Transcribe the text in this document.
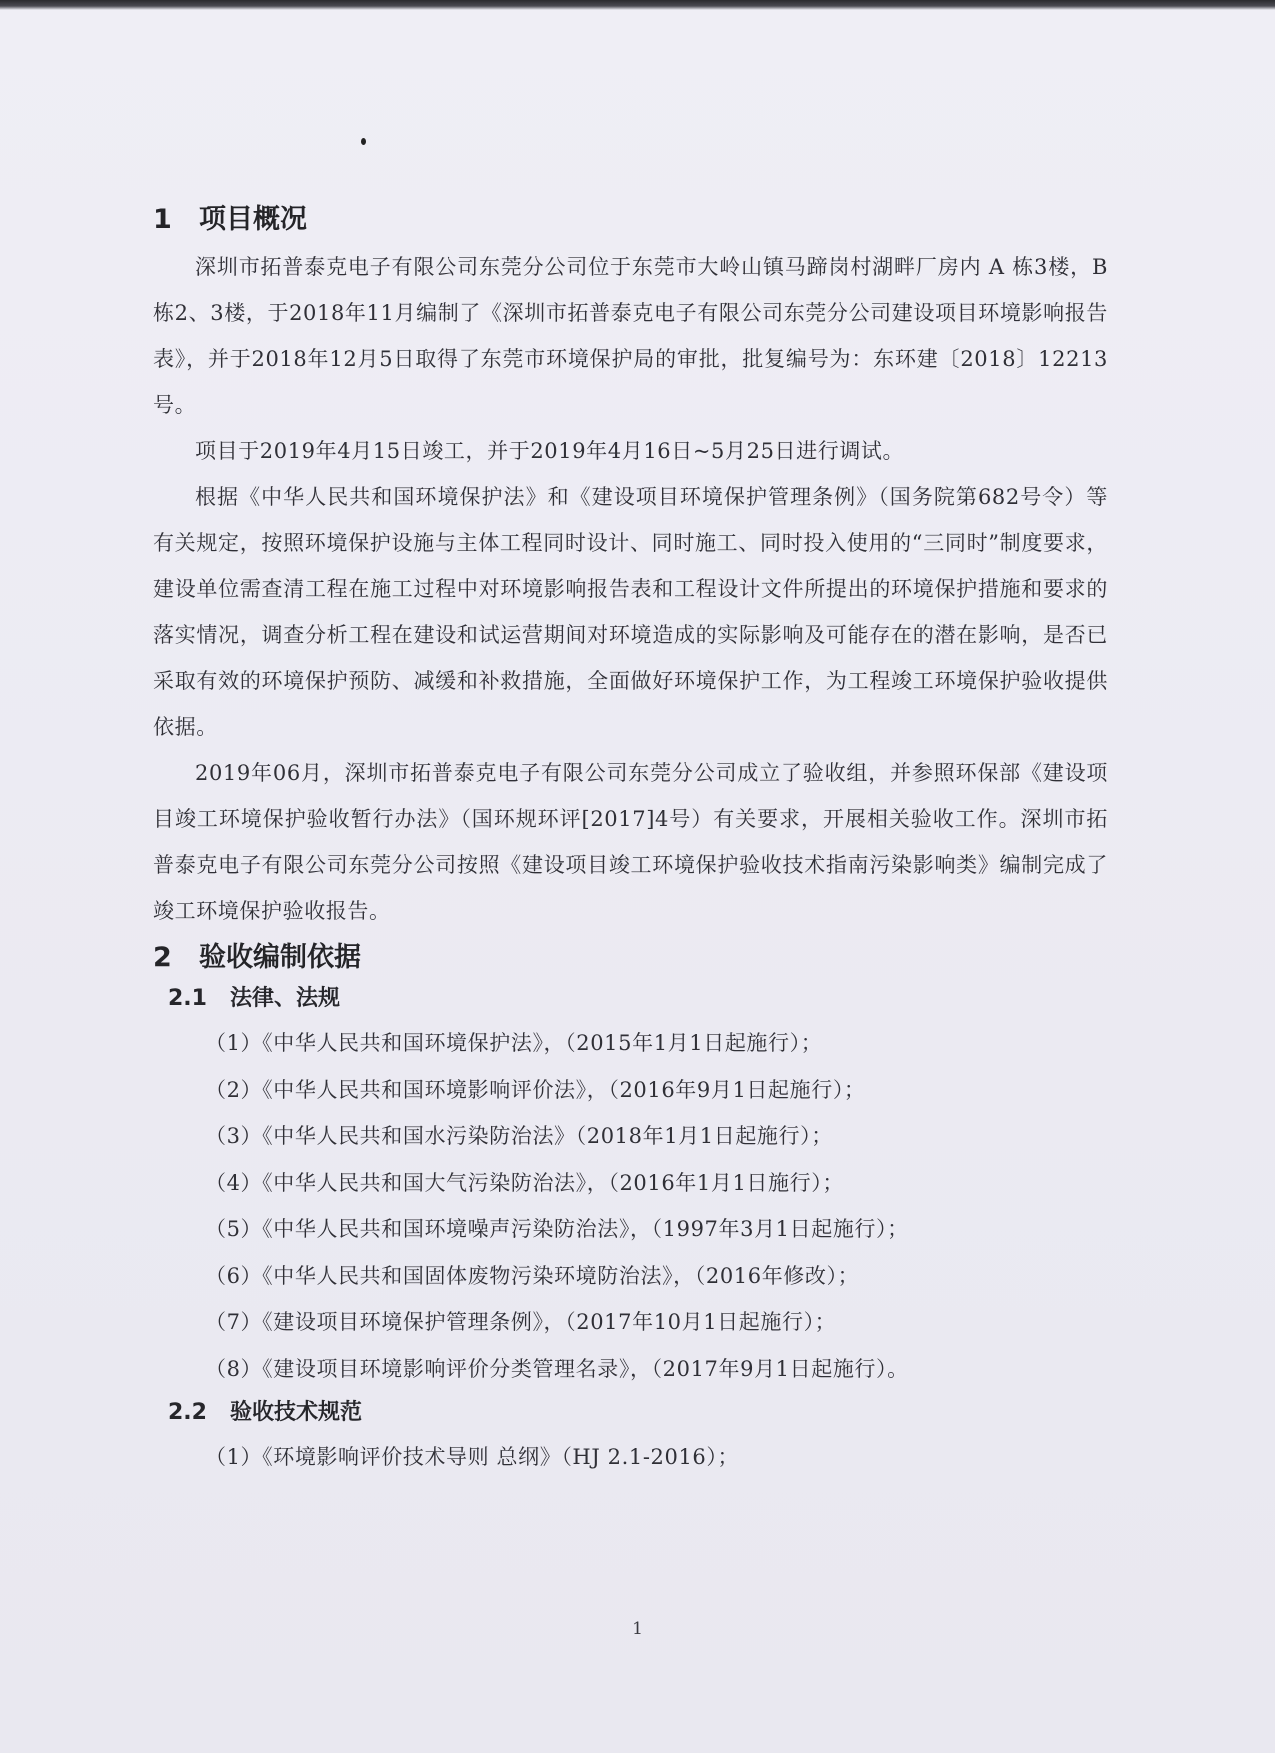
1 项目概况

深圳市拓普泰克电子有限公司东莞分公司位于东莞市大岭山镇马蹄岗村湖畔厂房内 A 栋3楼，B栋2、3楼，于2018年11月编制了《深圳市拓普泰克电子有限公司东莞分公司建设项目环境影响报告表》，并于2018年12月5日取得了东莞市环境保护局的审批，批复编号为：东环建〔2018〕12213号。

项目于2019年4月15日竣工，并于2019年4月16日~5月25日进行调试。

根据《中华人民共和国环境保护法》和《建设项目环境保护管理条例》（国务院第682号令）等有关规定，按照环境保护设施与主体工程同时设计、同时施工、同时投入使用的“三同时”制度要求，建设单位需查清工程在施工过程中对环境影响报告表和工程设计文件所提出的环境保护措施和要求的落实情况，调查分析工程在建设和试运营期间对环境造成的实际影响及可能存在的潜在影响，是否已采取有效的环境保护预防、减缓和补救措施，全面做好环境保护工作，为工程竣工环境保护验收提供依据。

2019年06月，深圳市拓普泰克电子有限公司东莞分公司成立了验收组，并参照环保部《建设项目竣工环境保护验收暂行办法》（国环规环评[2017]4号）有关要求，开展相关验收工作。深圳市拓普泰克电子有限公司东莞分公司按照《建设项目竣工环境保护验收技术指南污染影响类》编制完成了竣工环境保护验收报告。

2 验收编制依据
2.1 法律、法规

（1）《中华人民共和国环境保护法》，（2015年1月1日起施行）；

（2）《中华人民共和国环境影响评价法》，（2016年9月1日起施行）；

（3）《中华人民共和国水污染防治法》（2018年1月1日起施行）；

（4）《中华人民共和国大气污染防治法》，（2016年1月1日施行）；

（5）《中华人民共和国环境噪声污染防治法》，（1997年3月1日起施行）；

（6）《中华人民共和国固体废物污染环境防治法》，（2016年修改）；

（7）《建设项目环境保护管理条例》，（2017年10月1日起施行）；

（8）《建设项目环境影响评价分类管理名录》，（2017年9月1日起施行）。

2.2 验收技术规范

（1）《环境影响评价技术导则 总纲》（HJ 2.1-2016）；

1
